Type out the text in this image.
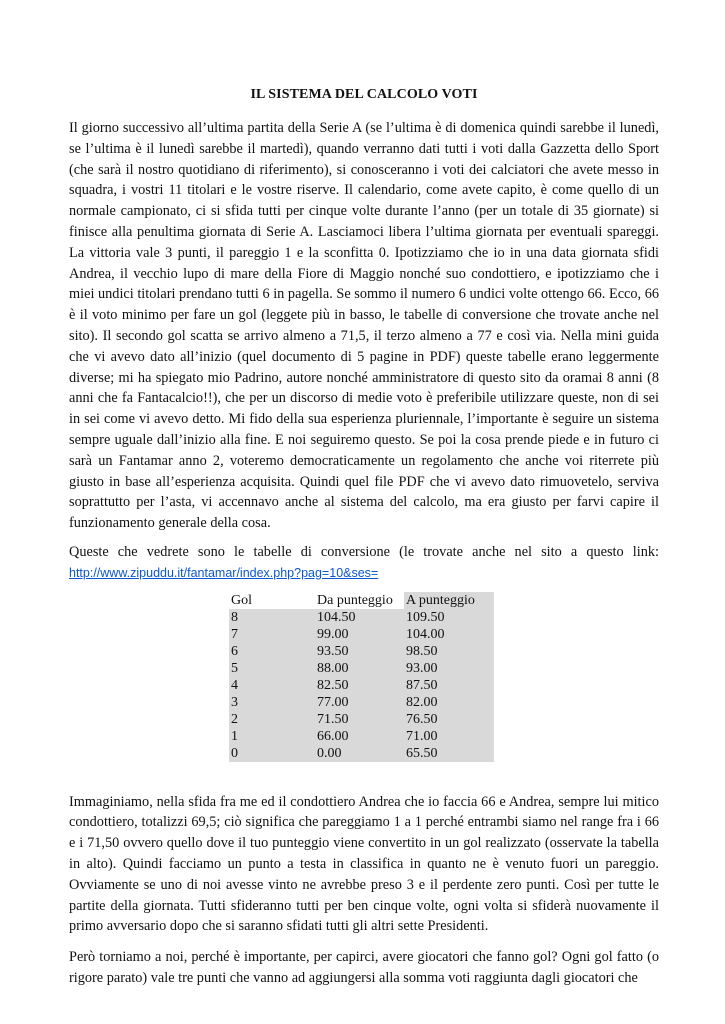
IL SISTEMA DEL CALCOLO VOTI

Il giorno successivo all’ultima partita della Serie A (se l’ultima è di domenica quindi sarebbe il lunedì, se l’ultima è il lunedì sarebbe il martedì), quando verranno dati tutti i voti dalla Gazzetta dello Sport (che sarà il nostro quotidiano di riferimento), si conosceranno i voti dei calciatori che avete messo in squadra, i vostri 11 titolari e le vostre riserve. Il calendario, come avete capito, è come quello di un normale campionato, ci si sfida tutti per cinque volte durante l’anno (per un totale di 35 giornate) si finisce alla penultima giornata di Serie A. Lasciamoci libera l’ultima giornata per eventuali spareggi. La vittoria vale 3 punti, il pareggio 1 e la sconfitta 0. Ipotizziamo che io in una data giornata sfidi Andrea, il vecchio lupo di mare della Fiore di Maggio nonché suo condottiero, e ipotizziamo che i miei undici titolari prendano tutti 6 in pagella. Se sommo il numero 6 undici volte ottengo 66. Ecco, 66 è il voto minimo per fare un gol (leggete più in basso, le tabelle di conversione che trovate anche nel sito). Il secondo gol scatta se arrivo almeno a 71,5, il terzo almeno a 77 e così via. Nella mini guida che vi avevo dato all’inizio (quel documento di 5 pagine in PDF) queste tabelle erano leggermente diverse; mi ha spiegato mio Padrino, autore nonché amministratore di questo sito da oramai 8 anni (8 anni che fa Fantacalcio!!), che per un discorso di medie voto è preferibile utilizzare queste, non di sei in sei come vi avevo detto. Mi fido della sua esperienza pluriennale, l’importante è seguire un sistema sempre uguale dall’inizio alla fine. E noi seguiremo questo. Se poi la cosa prende piede e in futuro ci sarà un Fantamar anno 2, voteremo democraticamente un regolamento che anche voi riterrete più giusto in base all’esperienza acquisita. Quindi quel file PDF che vi avevo dato rimuovetelo, serviva soprattutto per l’asta, vi accennavo anche al sistema del calcolo, ma era giusto per farvi capire il funzionamento generale della cosa.

Queste che vedrete sono le tabelle di conversione (le trovate anche nel sito a questo link: http://www.zipuddu.it/fantamar/index.php?pag=10&ses=

Gol	Da punteggio	A punteggio
8	104.50	109.50
7	99.00	104.00
6	93.50	98.50
5	88.00	93.00
4	82.50	87.50
3	77.00	82.00
2	71.50	76.50
1	66.00	71.00
0	0.00	65.50

Immaginiamo, nella sfida fra me ed il condottiero Andrea che io faccia 66 e Andrea, sempre lui mitico condottiero, totalizzi 69,5; ciò significa che pareggiamo 1 a 1 perché entrambi siamo nel range fra i 66 e i 71,50 ovvero quello dove il tuo punteggio viene convertito in un gol realizzato (osservate la tabella in alto). Quindi facciamo un punto a testa in classifica in quanto ne è venuto fuori un pareggio. Ovviamente se uno di noi avesse vinto ne avrebbe preso 3 e il perdente zero punti. Così per tutte le partite della giornata. Tutti sfideranno tutti per ben cinque volte, ogni volta si sfiderà nuovamente il primo avversario dopo che si saranno sfidati tutti gli altri sette Presidenti.

Però torniamo a noi, perché è importante, per capirci, avere giocatori che fanno gol? Ogni gol fatto (o rigore parato) vale tre punti che vanno ad aggiungersi alla somma voti raggiunta dagli giocatori che
